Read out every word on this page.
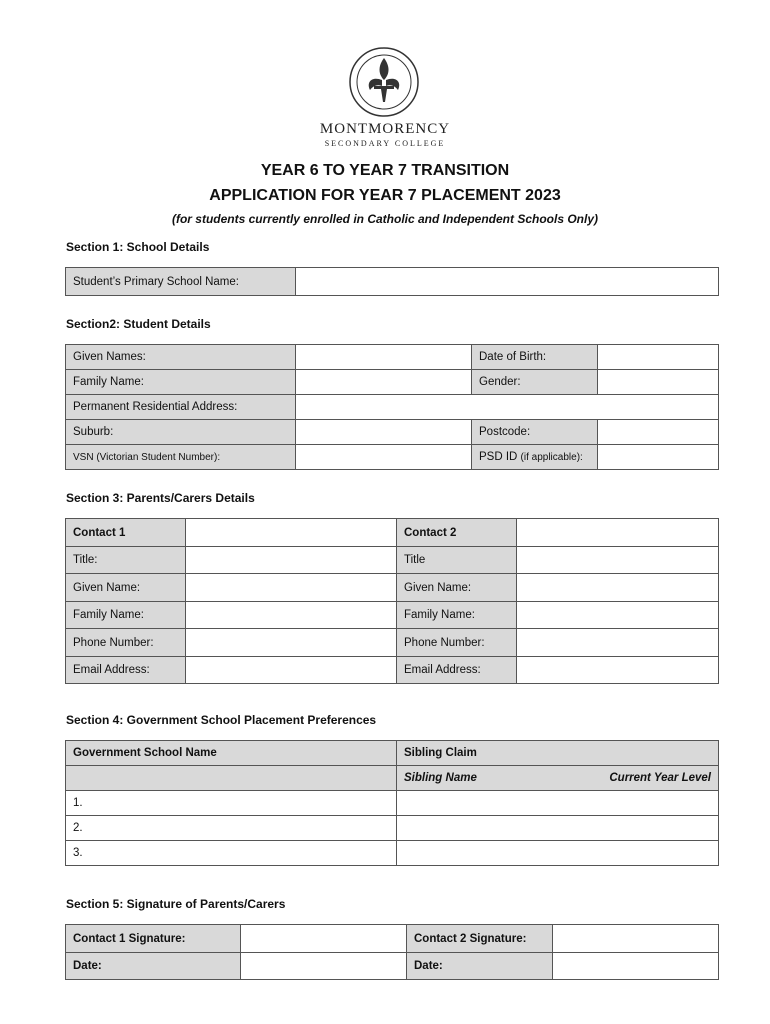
MONTMORENCY
SECONDARY COLLEGE
YEAR 6 TO YEAR 7 TRANSITION
APPLICATION FOR YEAR 7 PLACEMENT 2023
(for students currently enrolled in Catholic and Independent Schools Only)
Section 1: School Details
Student’s Primary School Name:	
Section2: Student Details
Given Names:		Date of Birth:	
Family Name:		Gender:	
Permanent Residential Address:			
Suburb:		Postcode:	
VSN (Victorian Student Number):		PSD ID (if applicable):	
Section 3: Parents/Carers Details
Contact 1		Contact 2	
Title:		Title	
Given Name:		Given Name:	
Family Name:		Family Name:	
Phone Number:		Phone Number:	
Email Address:		Email Address:	
Section 4: Government School Placement Preferences
Government School Name	Sibling Claim
	Sibling Name Current Year Level

1.	
2.	
3.	
Section 5: Signature of Parents/Carers
Contact 1 Signature:		Contact 2 Signature:	
Date:		Date:	
